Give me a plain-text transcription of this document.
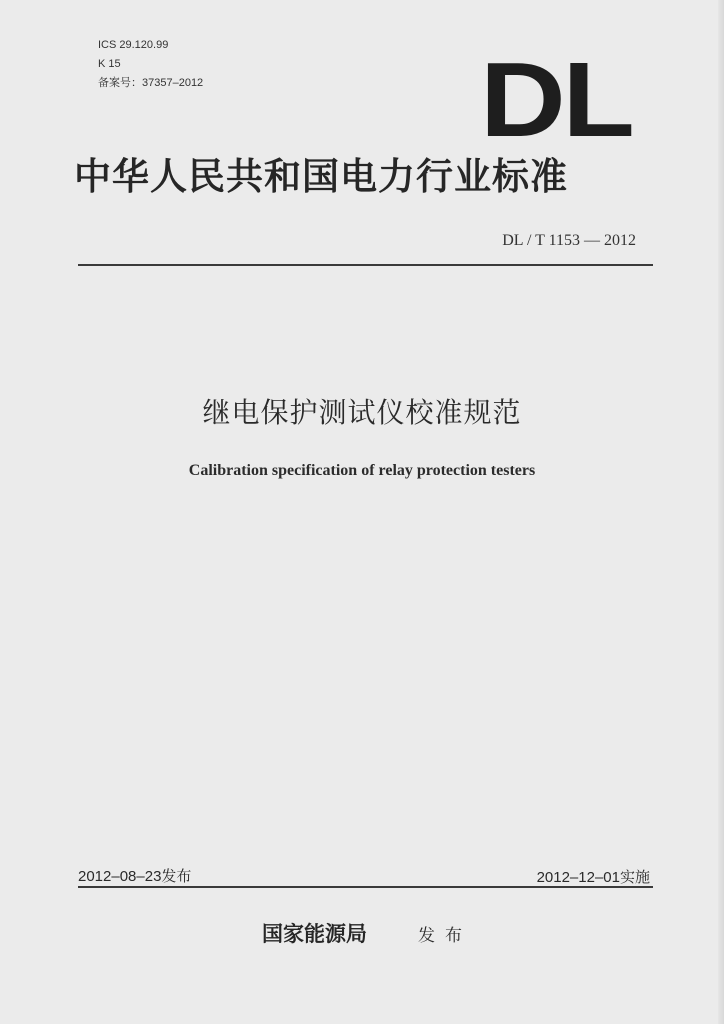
ICS 29.120.99
K 15
备案号：37357–2012	DL
中华人民共和国电力行业标准
DL / T 1153 — 2012
继电保护测试仪校准规范
Calibration specification of relay protection testers
2012–08–23发布	2012–12–01实施
国家能源局	发布
